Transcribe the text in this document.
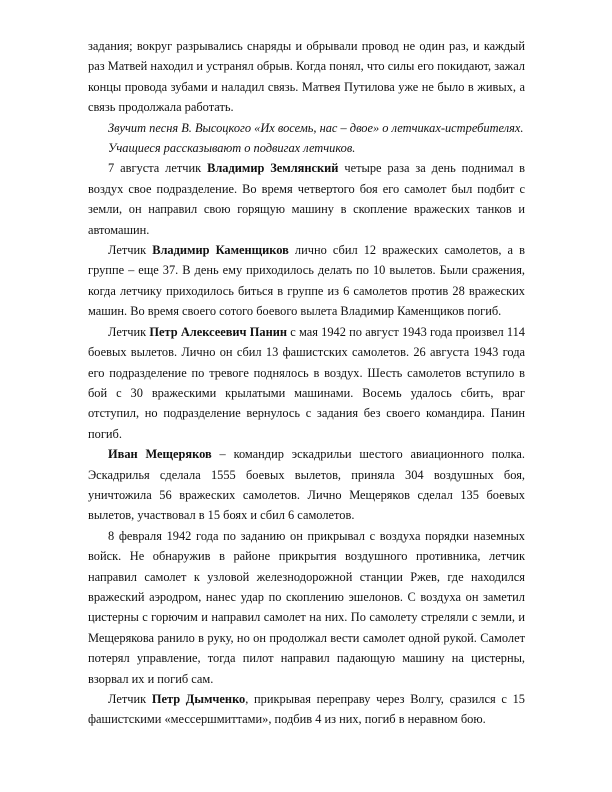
задания; вокруг разрывались снаряды и обрывали провод не один раз, и каждый раз Матвей находил и устранял обрыв. Когда понял, что силы его покидают, зажал концы провода зубами и наладил связь. Матвея Путилова уже не было в живых, а связь продолжала работать.

Звучит песня В. Высоцкого «Их восемь, нас – двое» о летчиках-истребителях.

Учащиеся рассказывают о подвигах летчиков.

7 августа летчик Владимир Землянский четыре раза за день поднимал в воздух свое подразделение. Во время четвертого боя его самолет был подбит с земли, он направил свою горящую машину в скопление вражеских танков и автомашин.

Летчик Владимир Каменщиков лично сбил 12 вражеских самолетов, а в группе – еще 37. В день ему приходилось делать по 10 вылетов. Были сражения, когда летчику приходилось биться в группе из 6 самолетов против 28 вражеских машин. Во время своего сотого боевого вылета Владимир Каменщиков погиб.

Летчик Петр Алексеевич Панин с мая 1942 по август 1943 года произвел 114 боевых вылетов. Лично он сбил 13 фашистских самолетов. 26 августа 1943 года его подразделение по тревоге поднялось в воздух. Шесть самолетов вступило в бой с 30 вражескими крылатыми машинами. Восемь удалось сбить, враг отступил, но подразделение вернулось с задания без своего командира. Панин погиб.

Иван Мещеряков – командир эскадрильи шестого авиационного полка. Эскадрилья сделала 1555 боевых вылетов, приняла 304 воздушных боя, уничтожила 56 вражеских самолетов. Лично Мещеряков сделал 135 боевых вылетов, участвовал в 15 боях и сбил 6 самолетов.

8 февраля 1942 года по заданию он прикрывал с воздуха порядки наземных войск. Не обнаружив в районе прикрытия воздушного противника, летчик направил самолет к узловой железнодорожной станции Ржев, где находился вражеский аэродром, нанес удар по скоплению эшелонов. С воздуха он заметил цистерны с горючим и направил самолет на них. По самолету стреляли с земли, и Мещерякова ранило в руку, но он продолжал вести самолет одной рукой. Самолет потерял управление, тогда пилот направил падающую машину на цистерны, взорвал их и погиб сам.

Летчик Петр Дымченко, прикрывая переправу через Волгу, сразился с 15 фашистскими «мессершмиттами», подбив 4 из них, погиб в неравном бою.
